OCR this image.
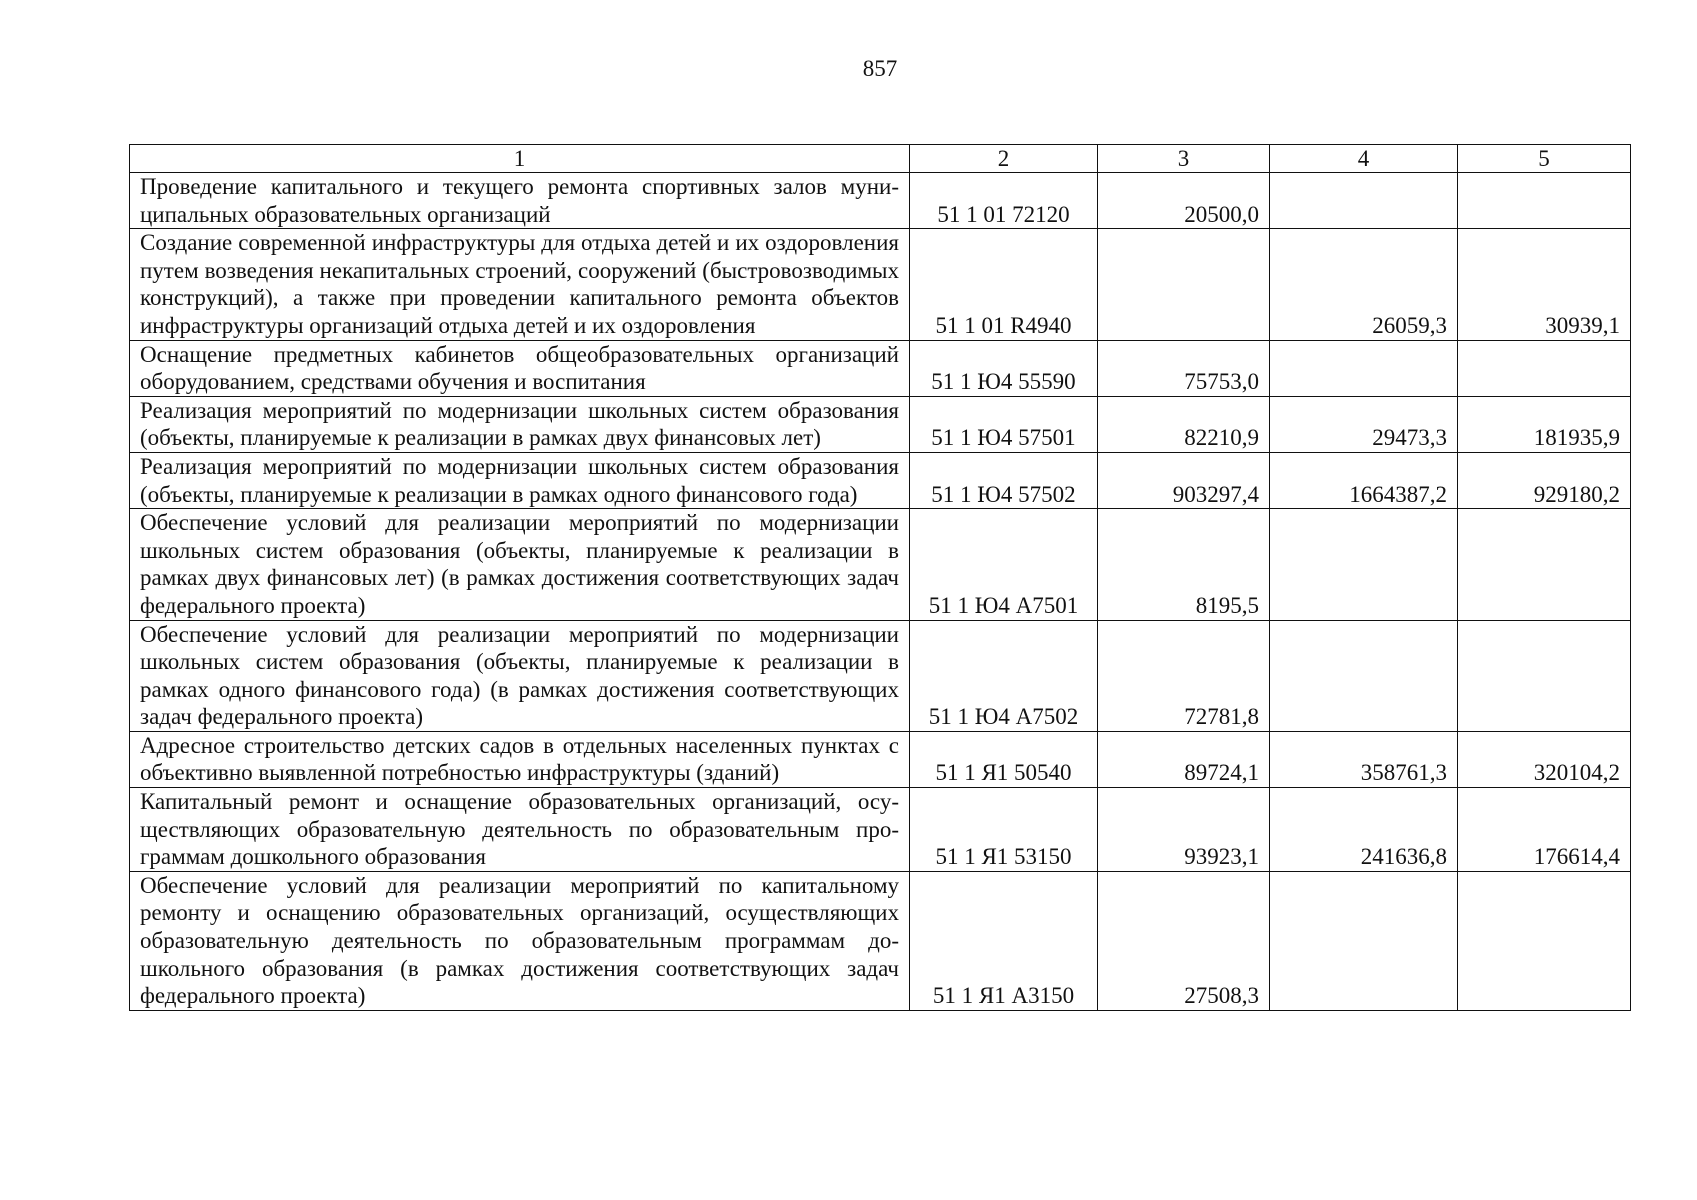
857
1	2	3	4	5
Проведение капитального и текущего ремонта спортивных залов муниципальных образовательных организаций	51 1 01 72120	20500,0		
Создание современной инфраструктуры для отдыха детей и их оздоровления путем возведения некапитальных строений, сооружений (быстровозводимых конструкций), а также при проведении капитального ремонта объектов инфраструктуры организаций отдыха детей и их оздоровления	51 1 01 R4940		26059,3	30939,1
Оснащение предметных кабинетов общеобразовательных организаций оборудованием, средствами обучения и воспитания	51 1 Ю4 55590	75753,0		
Реализация мероприятий по модернизации школьных систем образования (объекты, планируемые к реализации в рамках двух финансовых лет)	51 1 Ю4 57501	82210,9	29473,3	181935,9
Реализация мероприятий по модернизации школьных систем образования (объекты, планируемые к реализации в рамках одного финансового года)	51 1 Ю4 57502	903297,4	1664387,2	929180,2
Обеспечение условий для реализации мероприятий по модернизации школьных систем образования (объекты, планируемые к реализации в рамках двух финансовых лет) (в рамках достижения соответствующих задач федерального проекта)	51 1 Ю4 А7501	8195,5		
Обеспечение условий для реализации мероприятий по модернизации школьных систем образования (объекты, планируемые к реализации в рамках одного финансового года) (в рамках достижения соответствующих задач федерального проекта)	51 1 Ю4 А7502	72781,8		
Адресное строительство детских садов в отдельных населенных пунктах с объективно выявленной потребностью инфраструктуры (зданий)	51 1 Я1 50540	89724,1	358761,3	320104,2
Капитальный ремонт и оснащение образовательных организаций, осуществляющих образовательную деятельность по образовательным программам дошкольного образования	51 1 Я1 53150	93923,1	241636,8	176614,4
Обеспечение условий для реализации мероприятий по капитальному ремонту и оснащению образовательных организаций, осуществляющих образовательную деятельность по образовательным программам дошкольного образования (в рамках достижения соответствующих задач федерального проекта)	51 1 Я1 А3150	27508,3		
